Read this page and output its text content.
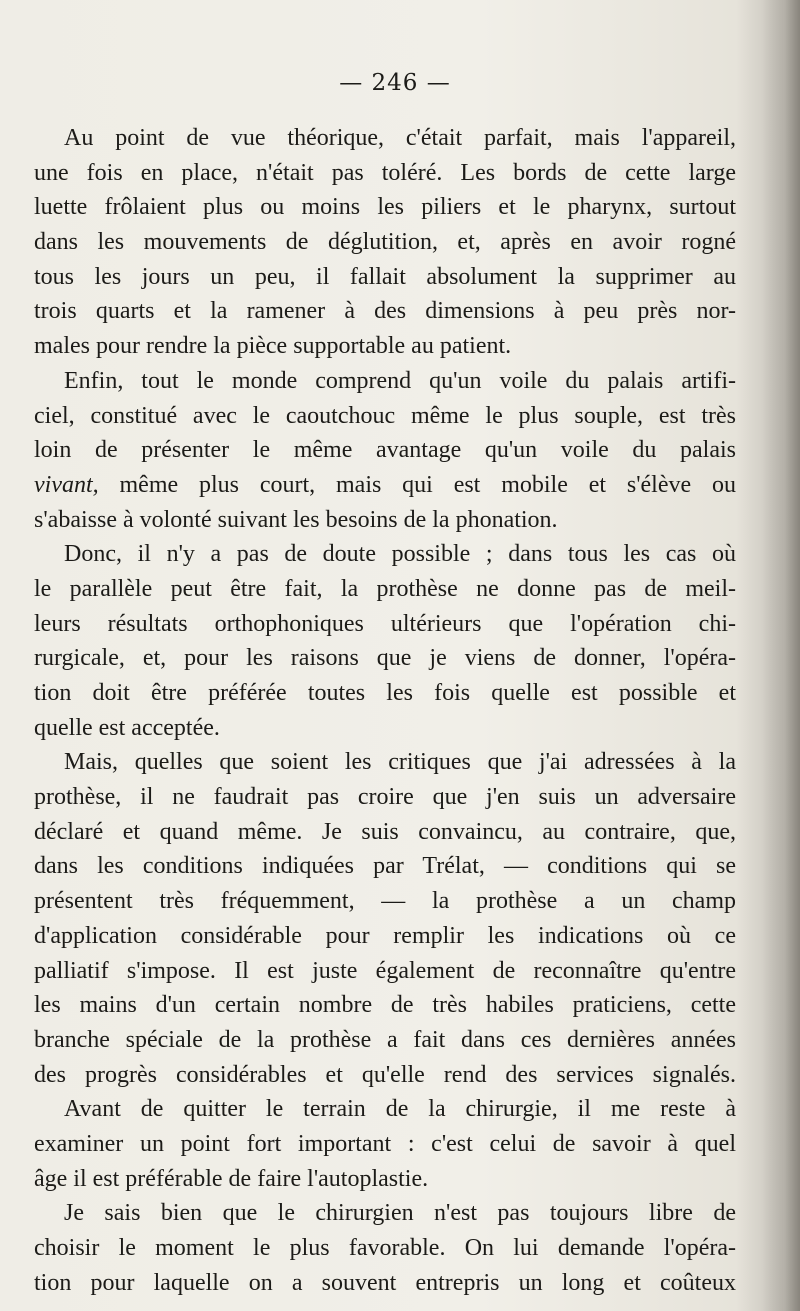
— 246 —
Au point de vue théorique, c'était parfait, mais l'appareil,
une fois en place, n'était pas toléré. Les bords de cette large
luette frôlaient plus ou moins les piliers et le pharynx, surtout
dans les mouvements de déglutition, et, après en avoir rogné
tous les jours un peu, il fallait absolument la supprimer au
trois quarts et la ramener à des dimensions à peu près nor-
males pour rendre la pièce supportable au patient.
Enfin, tout le monde comprend qu'un voile du palais artifi-
ciel, constitué avec le caoutchouc même le plus souple, est très
loin de présenter le même avantage qu'un voile du palais
vivant, même plus court, mais qui est mobile et s'élève ou
s'abaisse à volonté suivant les besoins de la phonation.
Donc, il n'y a pas de doute possible ; dans tous les cas où
le parallèle peut être fait, la prothèse ne donne pas de meil-
leurs résultats orthophoniques ultérieurs que l'opération chi-
rurgicale, et, pour les raisons que je viens de donner, l'opéra-
tion doit être préférée toutes les fois quelle est possible et
quelle est acceptée.
Mais, quelles que soient les critiques que j'ai adressées à la
prothèse, il ne faudrait pas croire que j'en suis un adversaire
déclaré et quand même. Je suis convaincu, au contraire, que,
dans les conditions indiquées par Trélat, — conditions qui se
présentent très fréquemment, — la prothèse a un champ
d'application considérable pour remplir les indications où ce
palliatif s'impose. Il est juste également de reconnaître qu'entre
les mains d'un certain nombre de très habiles praticiens, cette
branche spéciale de la prothèse a fait dans ces dernières années
des progrès considérables et qu'elle rend des services signalés.
Avant de quitter le terrain de la chirurgie, il me reste à
examiner un point fort important : c'est celui de savoir à quel
âge il est préférable de faire l'autoplastie.
Je sais bien que le chirurgien n'est pas toujours libre de
choisir le moment le plus favorable. On lui demande l'opéra-
tion pour laquelle on a souvent entrepris un long et coûteux
